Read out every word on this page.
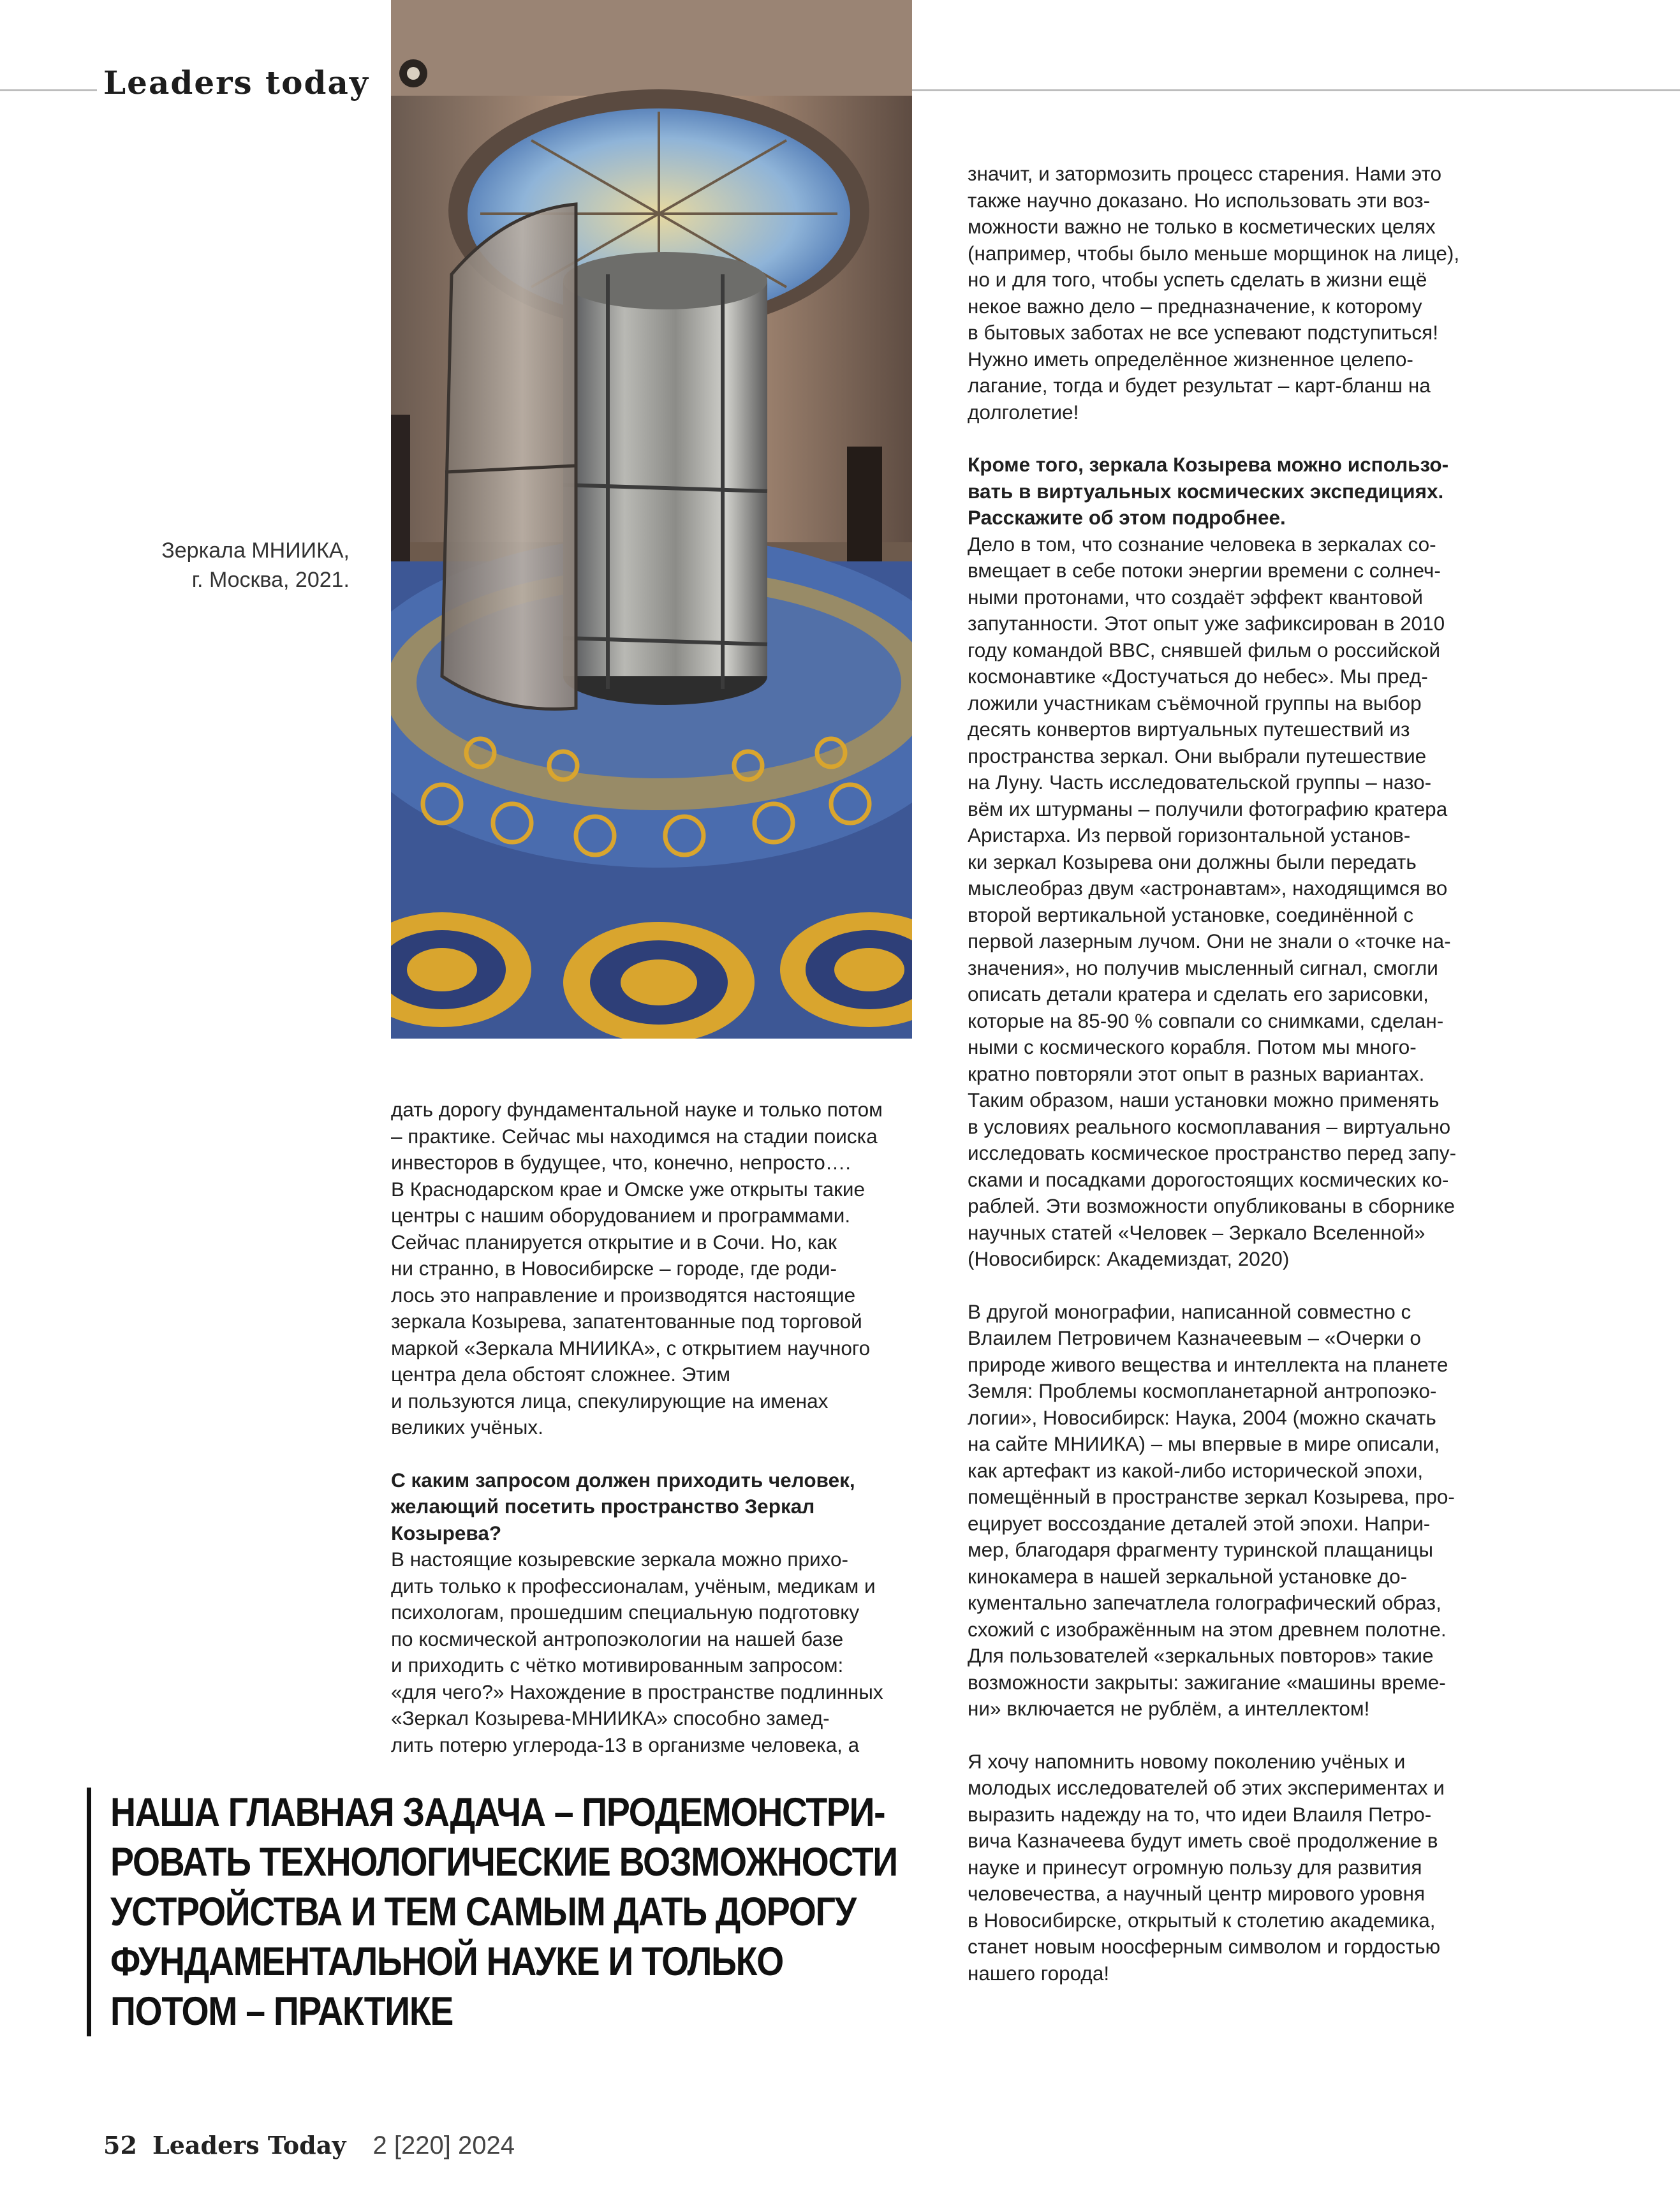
Leaders today
Зеркала МНИИКА,
г. Москва, 2021.

дать дорогу фундаментальной науке и только потом
– практике. Сейчас мы находимся на стадии поиска
инвесторов в будущее, что, конечно, непросто….
В Краснодарском крае и Омске уже открыты такие
центры с нашим оборудованием и программами.
Сейчас планируется открытие и в Сочи. Но, как
ни странно, в Новосибирске – городе, где роди-
лось это направление и производятся настоящие
зеркала Козырева, запатентованные под торговой
маркой «Зеркала МНИИКА», с открытием научного
центра дела обстоят сложнее. Этим
и пользуются лица, спекулирующие на именах
великих учёных.

С каким запросом должен приходить человек,
желающий посетить пространство Зеркал
Козырева?

В настоящие козыревские зеркала можно прихо-
дить только к профессионалам, учёным, медикам и
психологам, прошедшим специальную подготовку
по космической антропоэкологии на нашей базе
и приходить с чётко мотивированным запросом:
«для чего?» Нахождение в пространстве подлинных
«Зеркал Козырева-МНИИКА» способно замед-
лить потерю углерода-13 в организме человека, а

значит, и затормозить процесс старения. Нами это
также научно доказано. Но использовать эти воз-
можности важно не только в косметических целях
(например, чтобы было меньше морщинок на лице),
но и для того, чтобы успеть сделать в жизни ещё
некое важно дело – предназначение, к которому
в бытовых заботах не все успевают подступиться!
Нужно иметь определённое жизненное целепо-
лагание, тогда и будет результат – карт-бланш на
долголетие!

Кроме того, зеркала Козырева можно использо-
вать в виртуальных космических экспедициях.
Расскажите об этом подробнее.

Дело в том, что сознание человека в зеркалах со-
вмещает в себе потоки энергии времени с солнеч-
ными протонами, что создаёт эффект квантовой
запутанности. Этот опыт уже зафиксирован в 2010
году командой BBC, снявшей фильм о российской
космонавтике «Достучаться до небес». Мы пред-
ложили участникам съёмочной группы на выбор
десять конвертов виртуальных путешествий из
пространства зеркал. Они выбрали путешествие
на Луну. Часть исследовательской группы – назо-
вём их штурманы – получили фотографию кратера
Аристарха. Из первой горизонтальной установ-
ки зеркал Козырева они должны были передать
мыслеобраз двум «астронавтам», находящимся во
второй вертикальной установке, соединённой с
первой лазерным лучом. Они не знали о «точке на-
значения», но получив мысленный сигнал, смогли
описать детали кратера и сделать его зарисовки,
которые на 85-90 % совпали со снимками, сделан-
ными с космического корабля. Потом мы много-
кратно повторяли этот опыт в разных вариантах.
Таким образом, наши установки можно применять
в условиях реального космоплавания – виртуально
исследовать космическое пространство перед запу-
сками и посадками дорогостоящих космических ко-
раблей. Эти возможности опубликованы в сборнике
научных статей «Человек – Зеркало Вселенной»
(Новосибирск: Академиздат, 2020)

В другой монографии, написанной совместно с
Влаилем Петровичем Казначеевым – «Очерки о
природе живого вещества и интеллекта на планете
Земля: Проблемы космопланетарной антропоэко-
логии», Новосибирск: Наука, 2004 (можно скачать
на сайте МНИИКА) – мы впервые в мире описали,
как артефакт из какой-либо исторической эпохи,
помещённый в пространстве зеркал Козырева, про-
ецирует воссоздание деталей этой эпохи. Напри-
мер, благодаря фрагменту туринской плащаницы
кинокамера в нашей зеркальной установке до-
кументально запечатлела голографический образ,
схожий с изображённым на этом древнем полотне.
Для пользователей «зеркальных повторов» такие
возможности закрыты: зажигание «машины време-
ни» включается не рублём, а интеллектом!

Я хочу напомнить новому поколению учёных и
молодых исследователей об этих экспериментах и
выразить надежду на то, что идеи Влаиля Петро-
вича Казначеева будут иметь своё продолжение в
науке и принесут огромную пользу для развития
человечества, а научный центр мирового уровня
в Новосибирске, открытый к столетию академика,
станет новым ноосферным символом и гордостью
нашего города!

НАША ГЛАВНАЯ ЗАДАЧА – ПРОДЕМОНСТРИ-
РОВАТЬ ТЕХНОЛОГИЧЕСКИЕ ВОЗМОЖНОСТИ
УСТРОЙСТВА И ТЕМ САМЫМ ДАТЬ ДОРОГУ
ФУНДАМЕНТАЛЬНОЙ НАУКЕ И ТОЛЬКО
ПОТОМ – ПРАКТИКЕ
52 Leaders Today 2 [220] 2024
